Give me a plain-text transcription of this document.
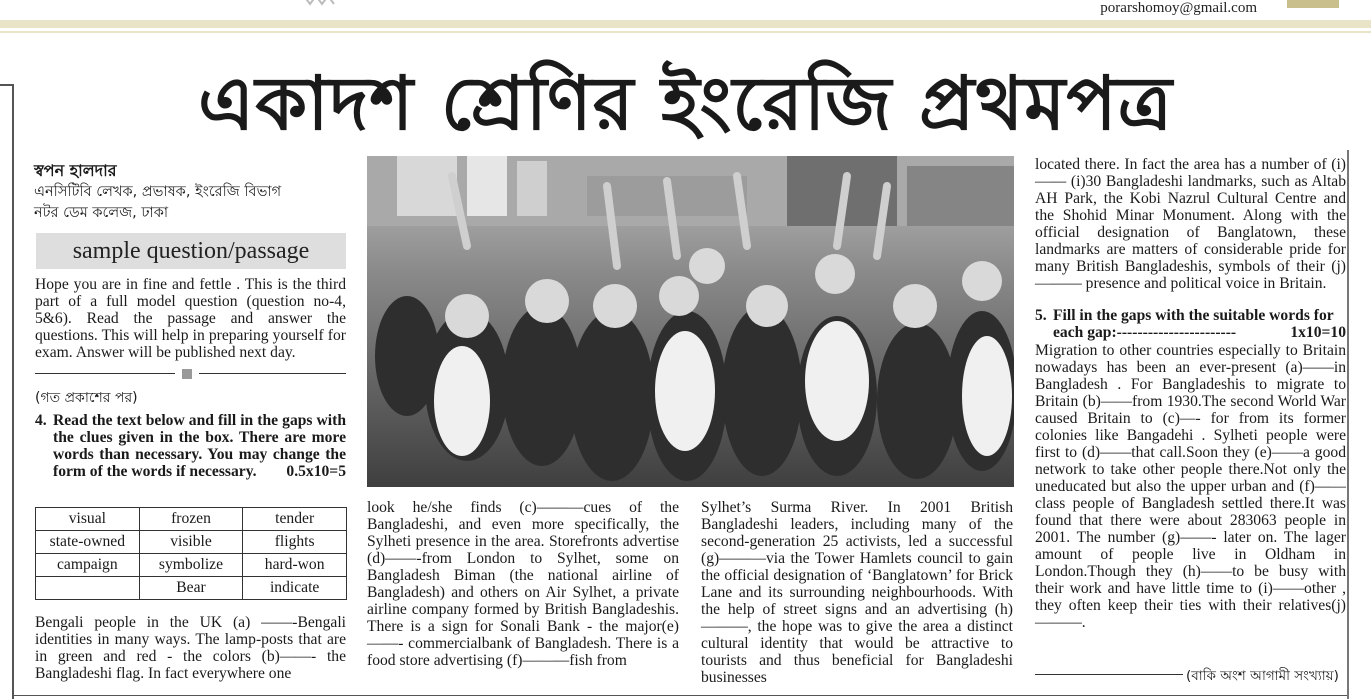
porarshomoy@gmail.com
একাদশ শ্রেণির ইংরেজি প্রথমপত্র
স্বপন হালদার
এনসিটিবি লেখক, প্রভাষক, ইংরেজি বিভাগ
নটর ডেম কলেজ, ঢাকা
sample question/passage
Hope you are in fine and fettle . This is the third part of a full model question (question no-4, 5&6). Read the passage and answer the questions. This will help in preparing yourself for exam. Answer will be published next day.
(গত প্রকাশের পর)
4. Read the text below and fill in the gaps with the clues given in the box. There are more words than necessary. You may change the form of the words if necessary.	0.5x10=5
visual	frozen	tender
state-owned	visible	flights
campaign	symbolize	hard-won
	Bear	indicate
Bengali people in the UK (a) ——-Bengali identities in many ways. The lamp-posts that are in green and red - the colors (b)——- the Bangladeshi flag. In fact everywhere one
look he/she finds (c)———cues of the Bangladeshi, and even more specifically, the Sylheti presence in the area. Storefronts advertise (d)——-from London to Sylhet, some on Bangladesh Biman (the national airline of Bangladesh) and others on Air Sylhet, a private airline company formed by British Bangladeshis. There is a sign for Sonali Bank - the major(e)——- commercialbank of Bangladesh. There is a food store advertising (f)———fish from
Sylhet’s Surma River. In 2001 British Bangladeshi leaders, including many of the second-generation 25 activists, led a successful (g)———via the Tower Hamlets council to gain the official designation of ‘Banglatown’ for Brick Lane and its surrounding neighbourhoods. With the help of street signs and an advertising (h)———, the hope was to give the area a distinct cultural identity that would be attractive to tourists and thus beneficial for Bangladeshi businesses
located there. In fact the area has a number of (i)—— (i)30 Bangladeshi landmarks, such as Altab AH Park, the Kobi Nazrul Cultural Centre and the Shohid Minar Monument. Along with the official designation of Banglatown, these landmarks are matters of considerable pride for many British Bangladeshis, symbols of their (j)——— presence and political voice in Britain.
5. Fill in the gaps with the suitable words for each gap:-----------------------	1x10=10
Migration to other countries especially to Britain nowadays has been an ever-present (a)——in Bangladesh . For Bangladeshis to migrate to Britain (b)——from 1930.The second World War caused Britain to (c)—- for from its former colonies like Bangadehi . Sylheti people were first to (d)——that call.Soon they (e)——a good network to take other people there.Not only the uneducated but also the upper urban and (f)——class people of Bangladesh settled there.It was found that there were about 283063 people in 2001. The number (g)——- later on. The lager amount of people live in Oldham in London.Though they (h)——to be busy with their work and have little time to (i)——other , they often keep their ties with their relatives(j)———.
(বাকি অংশ আগামী সংখ্যায়)
